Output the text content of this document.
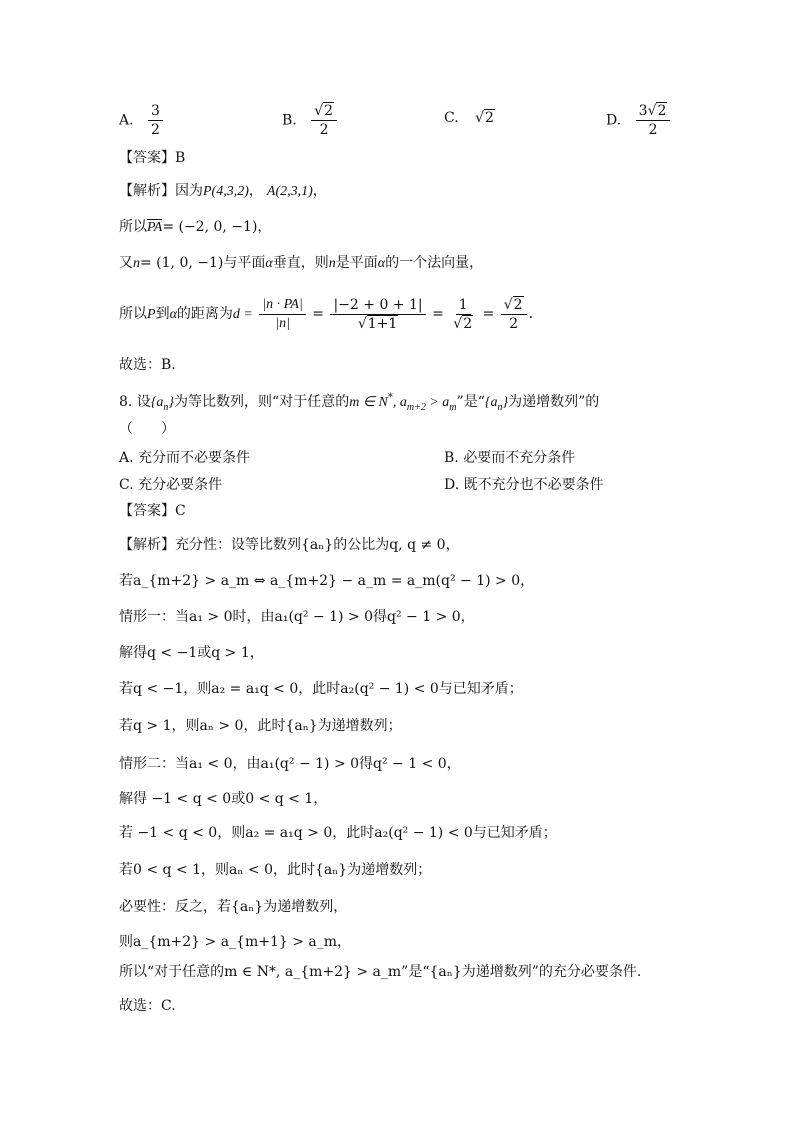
A. $\frac{3}{2}$	B. $\frac{√2}{2}$	C. √2	D. $\frac{3√2}{2}$
【答案】B
【解析】因为P(4,3,2)， A(2,3,1)，
所以PA= (−2, 0, −1)，
又n= (1, 0, −1)与平面α垂直，则n是平面α的一个法向量，
所以P到α的距离为$d = \frac{|n \cdot PA|}{|n|} = \frac{|-2 + 0 + 1|}{√1+1} = \frac{1}{√2} = \frac{√2}{2}$ .
故选：B.
8. 设$\{a_n\}$为等比数列，则“对于任意的m ∈ N*, $a_{m+2} > a_m$”是“$\{a_n\}$为递增数列”的
（　　）
A. 充分而不必要条件	B. 必要而不充分条件
C. 充分必要条件	D. 既不充分也不必要条件
【答案】C
【解析】充分性：设等比数列{aₙ}的公比为q, q ≠ 0，
若a_{m+2} > a_m ⇔ a_{m+2} − a_m = a_m(q² − 1) > 0，
情形一：当a₁ > 0时，由a₁(q² − 1) > 0得q² − 1 > 0，
解得q < −1或q > 1，
若q < −1，则a₂ = a₁q < 0，此时a₂(q² − 1) < 0与已知矛盾；
若q > 1，则aₙ > 0，此时{aₙ}为递增数列；
情形二：当a₁ < 0，由a₁(q² − 1) > 0得q² − 1 < 0，
解得 −1 < q < 0或0 < q < 1，
若 −1 < q < 0，则a₂ = a₁q > 0，此时a₂(q² − 1) < 0与已知矛盾；
若0 < q < 1，则aₙ < 0，此时{aₙ}为递增数列；
必要性：反之，若{aₙ}为递增数列，
则a_{m+2} > a_{m+1} > a_m，
所以“对于任意的m ∈ N*, a_{m+2} > a_m”是“{aₙ}为递增数列”的充分必要条件.
故选：C.
